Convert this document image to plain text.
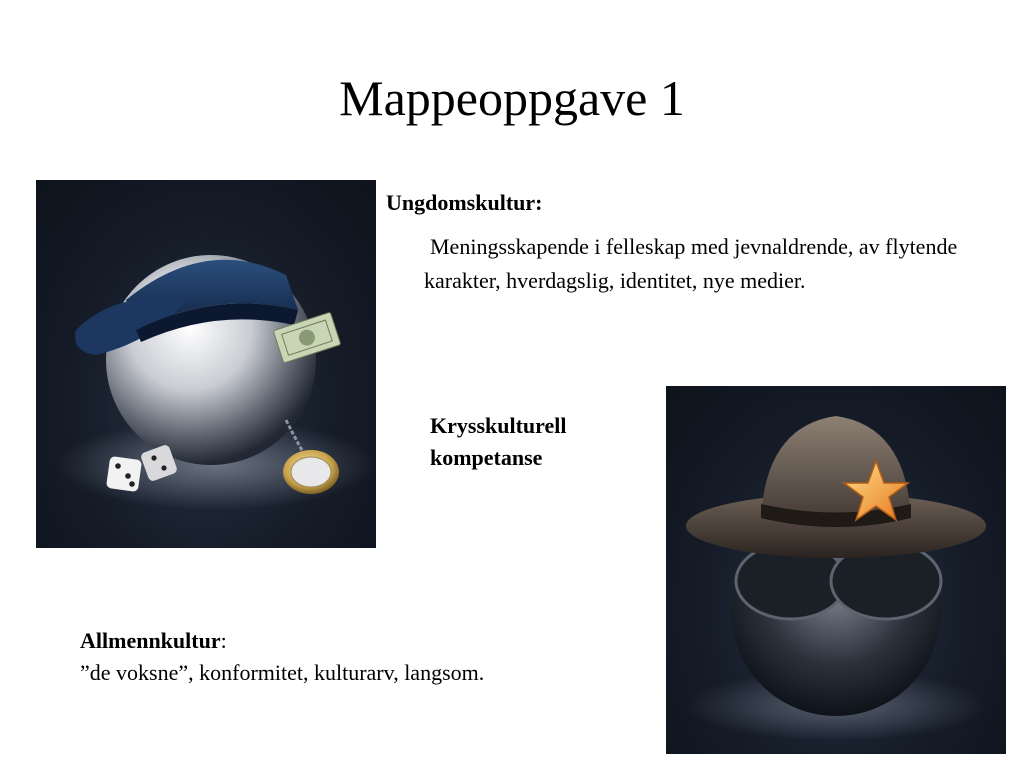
Mappeoppgave 1
Ungdomskultur:
Meningsskapende i felleskap med jevnaldrende, av flytende karakter, hverdagslig, identitet, nye medier.
Krysskulturell
kompetanse
Allmennkultur:
”de voksne”, konformitet, kulturarv, langsom.
